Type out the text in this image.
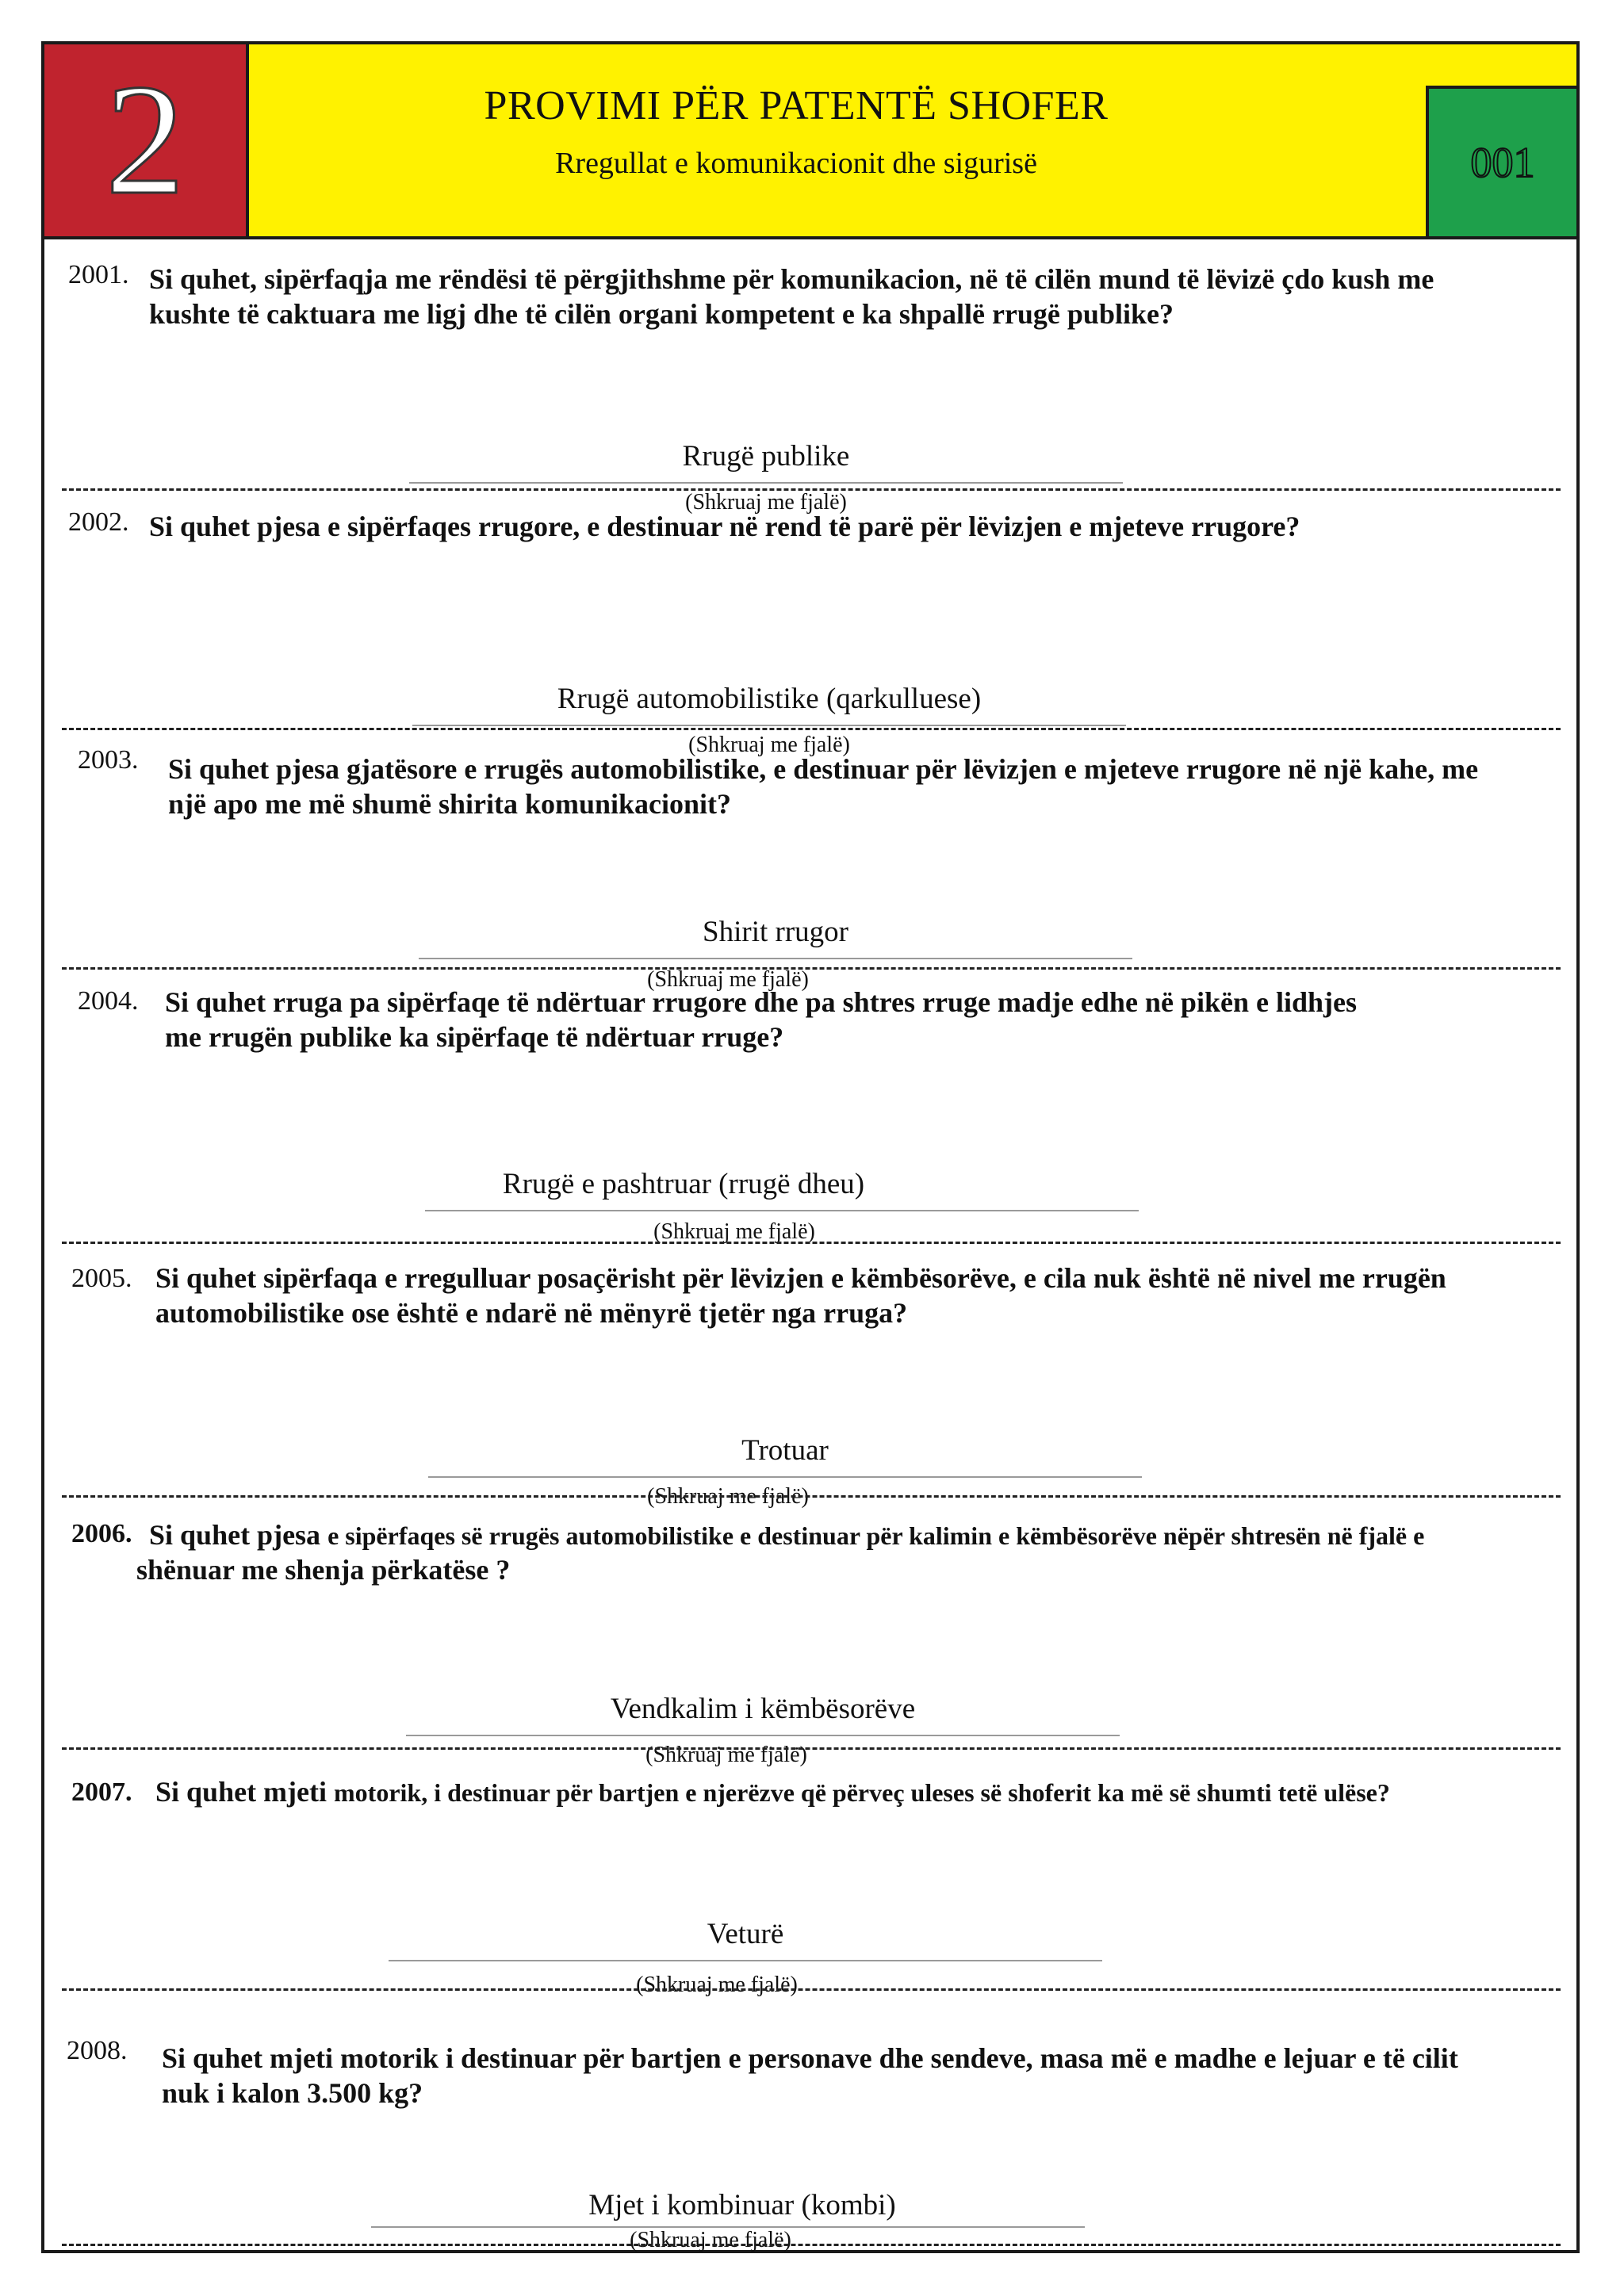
2	PROVIMI PËR PATENTË SHOFER
Rregullat e komunikacionit dhe sigurisë	001
2001. Si quhet, sipërfaqja me rëndësi të përgjithshme për komunikacion, në të cilën mund të lëvizë çdo kush me
kushte të caktuara me ligj dhe të cilën organi kompetent e ka shpallë rrugë publike?
Rrugë publike
(Shkruaj me fjalë)
2002. Si quhet pjesa e sipërfaqes rrugore, e destinuar në rend të parë për lëvizjen e mjeteve rrugore?
Rrugë automobilistike (qarkulluese)
(Shkruaj me fjalë)
2003. Si quhet pjesa gjatësore e rrugës automobilistike, e destinuar për lëvizjen e mjeteve rrugore në një kahe, me
një apo me më shumë shirita komunikacionit?
Shirit rrugor
(Shkruaj me fjalë)
2004. Si quhet rruga pa sipërfaqe të ndërtuar rrugore dhe pa shtres rruge madje edhe në pikën e lidhjes
me rrugën publike ka sipërfaqe të ndërtuar rruge?
Rrugë e pashtruar (rrugë dheu)
(Shkruaj me fjalë)
2005. Si quhet sipërfaqa e rregulluar posaçërisht për lëvizjen e këmbësorëve, e cila nuk është në nivel me rrugën
automobilistike ose është e ndarë në mënyrë tjetër nga rruga?
Trotuar
(Shkruaj me fjalë)
2006. Si quhet pjesa e sipërfaqes së rrugës automobilistike e destinuar për kalimin e këmbësorëve nëpër shtresën në fjalë e
shënuar me shenja përkatëse ?
Vendkalim i këmbësorëve
(Shkruaj me fjalë)
2007. Si quhet mjeti motorik, i destinuar për bartjen e njerëzve që përveç uleses së shoferit ka më së shumti tetë ulëse?
Veturë
(Shkruaj me fjalë)
2008. Si quhet mjeti motorik i destinuar për bartjen e personave dhe sendeve, masa më e madhe e lejuar e të cilit
nuk i kalon 3.500 kg?
Mjet i kombinuar (kombi)
(Shkruaj me fjalë)
